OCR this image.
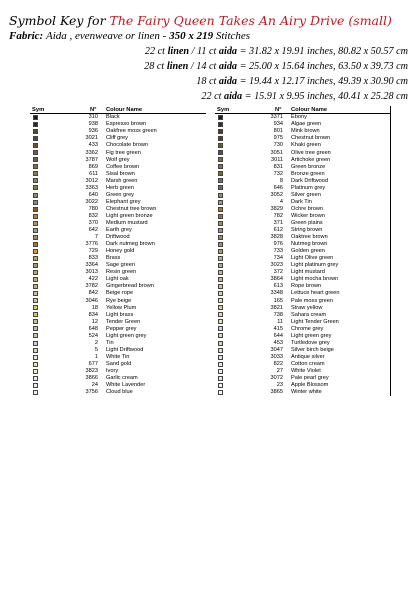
Symbol Key for The Fairy Queen Takes An Airy Drive (small)
Fabric: Aida , evenweave or linen - 350 x 219 Stitches
22 ct linen / 11 ct aida = 31.82 x 19.91 inches, 80.82 x 50.57 cm
28 ct linen / 14 ct aida = 25.00 x 15.64 inches, 63.50 x 39.73 cm
18 ct aida = 19.44 x 12.17 inches, 49.39 x 30.90 cm
22 ct aida = 15.91 x 9.95 inches, 40.41 x 25.28 cm
Sym	N° Colour Name
310 Black
938 Espresso brown
936 Oakfree moss green
3021 Cliff grey
433 Chocolate brown
3362 Fig tree green
3787 Wolf grey
869 Coffee brown
611 Sisal brown
3012 Marsh green
3363 Herb green
640 Green grey
3022 Elephant grey
780 Chestnut tree brown
832 Light green bronze
370 Medium mustard
642 Earth grey
7 Driftwood
3776 Dark nutmeg brown
729 Honey gold
833 Brass
3364 Sage green
3013 Resin green
422 Light oak
3782 Gingerbread brown
842 Beige rope
3046 Rye beige
18 Yellow Plum
834 Light brass
12 Tender Green
648 Pepper grey
524 Light green grey
2 Tin
5 Light Driftwood
1 White Tin
677 Sand gold
3823 Ivory
3866 Garlic cream
24 White Lavender
3756 Cloud blue
Sym	N° Colour Name
3371 Ebony
934 Algae green
801 Mink brown
975 Chestnut brown
730 Khaki green
3051 Olive tree green
3011 Artichoke green
831 Green bronze
732 Bronze green
8 Dark Driftwood
646 Platinum grey
3052 Silver green
4 Dark Tin
3829 Ochre brown
782 Wicker brown
371 Green plains
612 String brown
3828 Oaktree brown
976 Nutmeg brown
733 Golden green
734 Light Olive green
3023 Light platinum grey
372 Light mustard
3864 Light mocha brown
613 Rope brown
3348 Lettuce heart green
165 Pale moss green
3821 Straw yellow
738 Sahara cream
11 Light Tender Green
415 Chrome grey
644 Light green grey
453 Turtledove grey
3047 Silver birch beige
3033 Antique silver
822 Cotton cream
27 White Violet
3072 Pale pearl grey
23 Apple Blossom
3865 Winter white
